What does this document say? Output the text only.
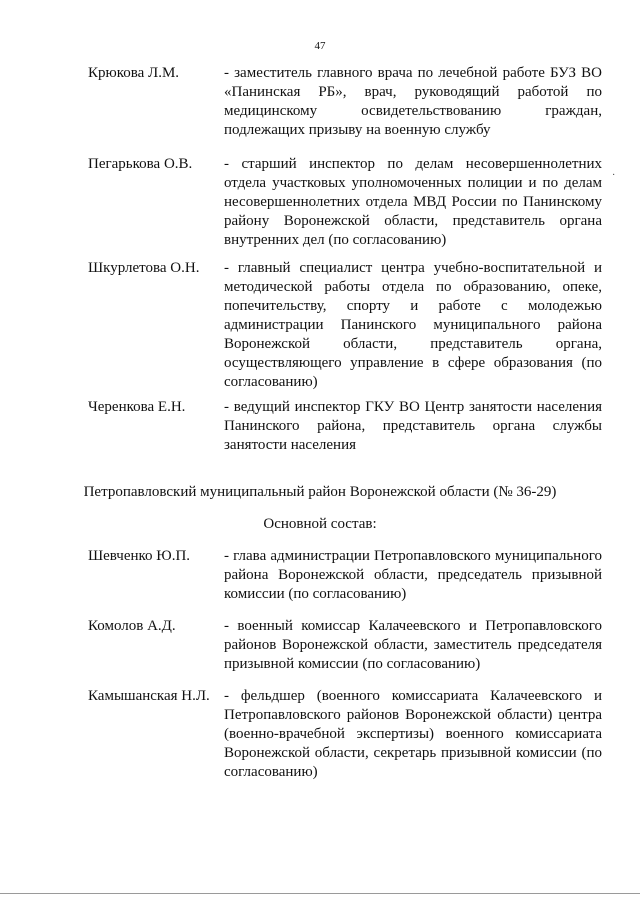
47
Крюкова Л.М.	- заместитель главного врача по лечебной работе БУЗ ВО «Панинская РБ», врач, руководящий работой по медицинскому освидетельствованию граждан, подлежащих призыву на военную службу
Пегарькова О.В. - старший инспектор по делам несовершеннолетних отдела участковых уполномоченных полиции и по делам несовершеннолетних отдела МВД России по Панинскому району Воронежской области, представитель органа внутренних дел (по согласованию)
Шкурлетова О.Н. - главный специалист центра учебно-воспитательной и методической работы отдела по образованию, опеке, попечительству, спорту и работе с молодежью администрации Панинского муниципального района Воронежской области, представитель органа, осуществляющего управление в сфере образования (по согласованию)
Черенкова Е.Н.	- ведущий инспектор ГКУ ВО Центр занятости населения Панинского района, представитель органа службы занятости населения
Петропавловский муниципальный район Воронежской области (№ 36-29)
Основной состав:
Шевченко Ю.П. - глава администрации Петропавловского муниципального района Воронежской области, председатель призывной комиссии (по согласованию)
Комолов А.Д.	- военный комиссар Калачеевского и Петропавловского районов Воронежской области, заместитель председателя призывной комиссии (по согласованию)
Камышанская Н.Л. - фельдшер (военного комиссариата Калачеевского и Петропавловского районов Воронежской области) центра (военно-врачебной экспертизы) военного комиссариата Воронежской области, секретарь призывной комиссии (по согласованию)
·
